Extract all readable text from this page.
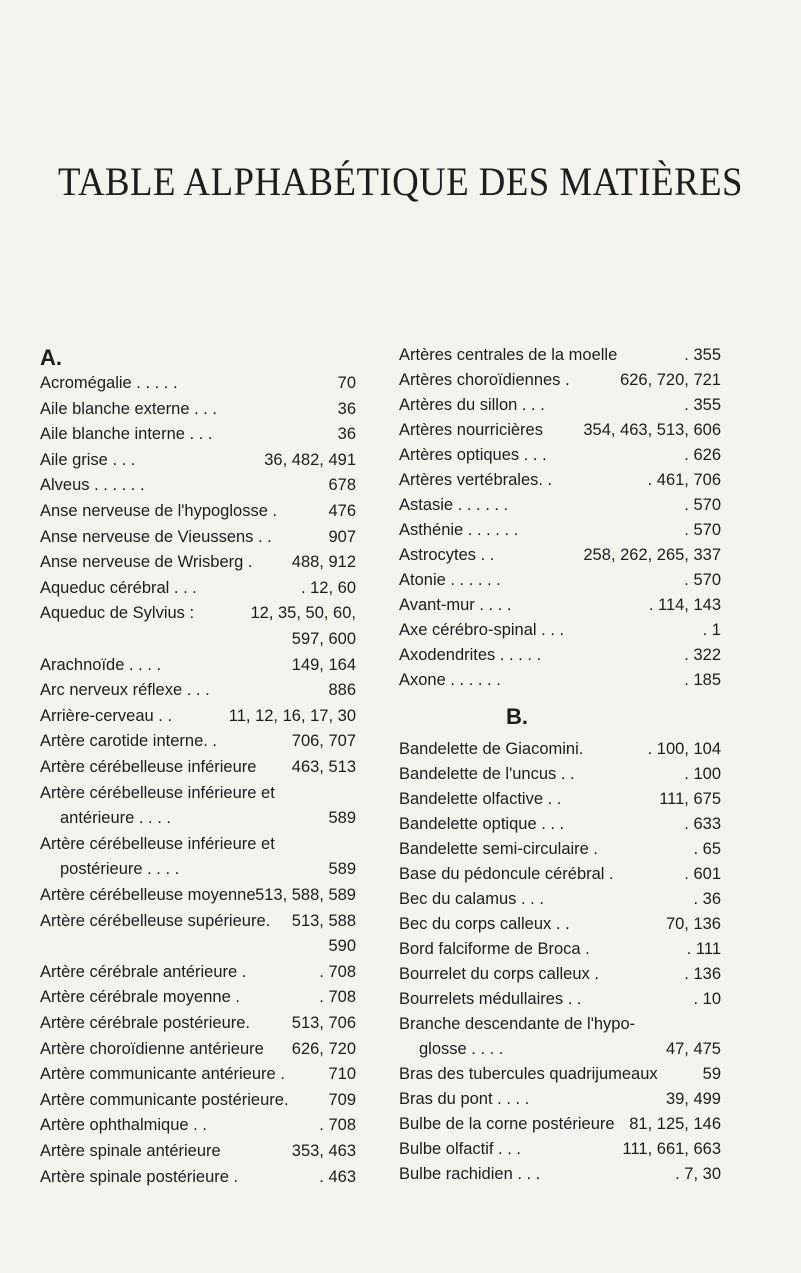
TABLE ALPHABÉTIQUE DES MATIÈRES
A.
Acromégalie . . . . .	70
Aile blanche externe . . .	36
Aile blanche interne . . .	36
Aile grise . . .	36, 482, 491
Alveus . . . . . .	678
Anse nerveuse de l'hypoglosse .	476
Anse nerveuse de Vieussens . .	907
Anse nerveuse de Wrisberg . 488, 912
Aqueduc cérébral . . .	. 12, 60
Aqueduc de Sylvius :	12, 35, 50, 60,
597, 600
Arachnoïde . . . .	149, 164
Arc nerveux réflexe . . .	886
Arrière-cerveau . .	11, 12, 16, 17, 30
Artère carotide interne. .	706, 707
Artère cérébelleuse inférieure 463, 513
Artère cérébelleuse inférieure et
antérieure . . . .	589
Artère cérébelleuse inférieure et
postérieure . . . .	589
Artère cérébelleuse moyenne 513, 588, 589
Artère cérébelleuse supérieure. 513, 588
590
Artère cérébrale antérieure .	. 708
Artère cérébrale moyenne .	. 708
Artère cérébrale postérieure.	513, 706
Artère choroïdienne antérieure 626, 720
Artère communicante antérieure .	710
Artère communicante postérieure. 709
Artère ophthalmique . .	. 708
Artère spinale antérieure	353, 463
Artère spinale postérieure .	. 463
Artères centrales de la moelle	. 355
Artères choroïdiennes .	626, 720, 721
Artères du sillon . . .	. 355
Artères nourricières 354, 463, 513, 606
Artères optiques . . .	. 626
Artères vertébrales. .	. 461, 706
Astasie . . . . . .	. 570
Asthénie . . . . . .	. 570
Astrocytes . .	258, 262, 265, 337
Atonie . . . . . .	. 570
Avant-mur . . . .	. 114, 143
Axe cérébro-spinal . . .	. 1
Axodendrites . . . . .	. 322
Axone . . . . . .	. 185
Bandelette de Giacomini.	. 100, 104
Bandelette de l'uncus . .	. 100
Bandelette olfactive . .	111, 675
Bandelette optique . . .	. 633
Bandelette semi-circulaire .	. 65
Base du pédoncule cérébral .	. 601
Bec du calamus . . .	. 36
Bec du corps calleux . .	70, 136
Bord falciforme de Broca .	. 111
Bourrelet du corps calleux .	. 136
Bourrelets médullaires . .	. 10
Branche descendante de l'hypo-
glosse . . . .	47, 475
Bras des tubercules quadrijumeaux	59
Bras du pont . . . .	39, 499
Bulbe de la corne postérieure 81, 125, 146
Bulbe olfactif . . .	111, 661, 663
Bulbe rachidien . . .	. 7, 30
B.
